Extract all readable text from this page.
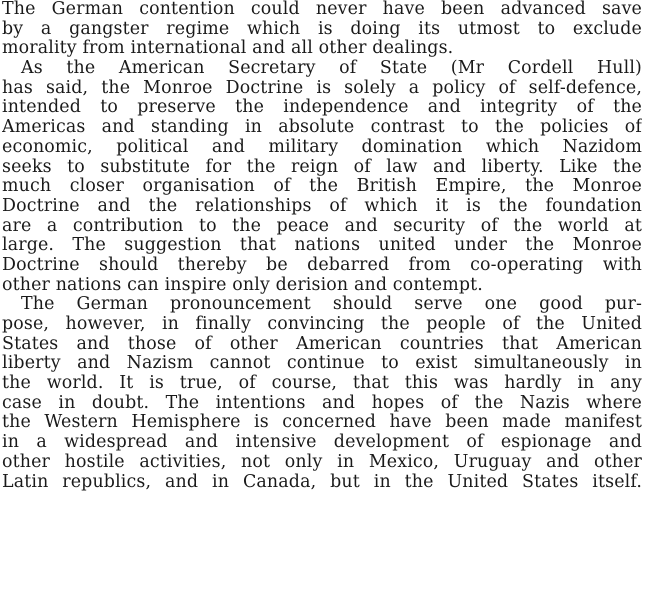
The German contention could never have been advanced save
by a gangster regime which is doing its utmost to exclude
morality from international and all other dealings.
As the American Secretary of State (Mr Cordell Hull)
has said, the Monroe Doctrine is solely a policy of self-defence,
intended to preserve the independence and integrity of the
Americas and standing in absolute contrast to the policies of
economic, political and military domination which Nazidom
seeks to substitute for the reign of law and liberty. Like the
much closer organisation of the British Empire, the Monroe
Doctrine and the relationships of which it is the foundation
are a contribution to the peace and security of the world at
large. The suggestion that nations united under the Monroe
Doctrine should thereby be debarred from co-operating with
other nations can inspire only derision and contempt.
The German pronouncement should serve one good pur-
pose, however, in finally convincing the people of the United
States and those of other American countries that American
liberty and Nazism cannot continue to exist simultaneously in
the world. It is true, of course, that this was hardly in any
case in doubt. The intentions and hopes of the Nazis where
the Western Hemisphere is concerned have been made manifest
in a widespread and intensive development of espionage and
other hostile activities, not only in Mexico, Uruguay and other
Latin republics, and in Canada, but in the United States itself.
